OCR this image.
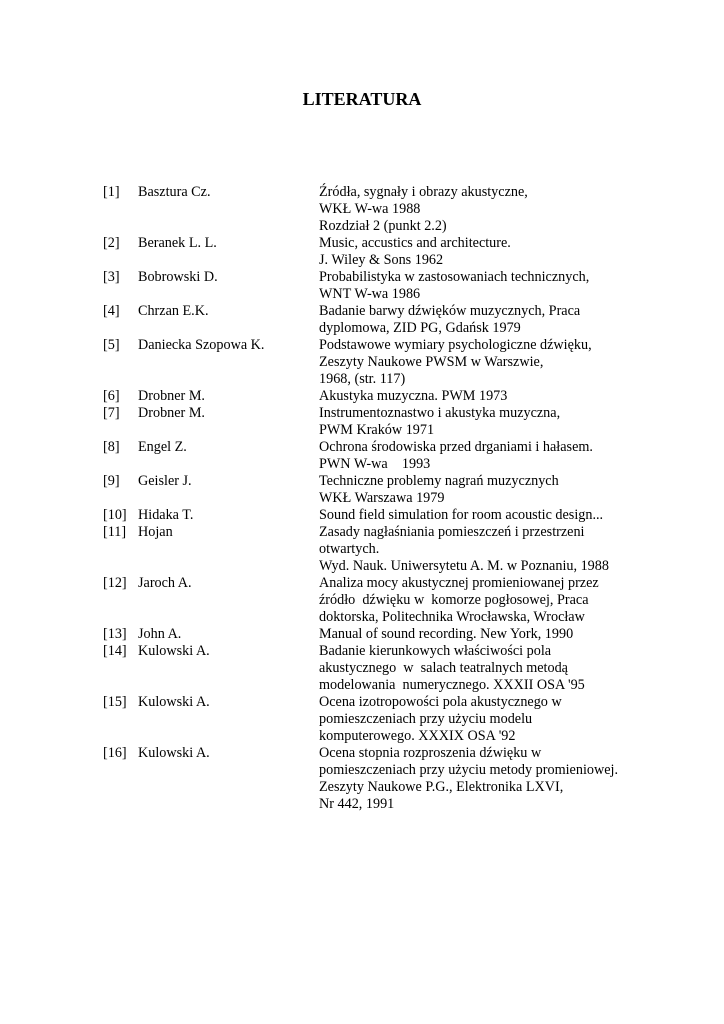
LITERATURA
[1] Basztura Cz.	Źródła, sygnały i obrazy akustyczne,
WKŁ W-wa 1988
Rozdział 2 (punkt 2.2)
[2] Beranek L. L.	Music, accustics and architecture.
J. Wiley & Sons 1962
[3] Bobrowski D.	Probabilistyka w zastosowaniach technicznych,
WNT W-wa 1986
[4] Chrzan E.K.	Badanie barwy dźwięków muzycznych, Praca
dyplomowa, ZID PG, Gdańsk 1979
[5] Daniecka Szopowa K.	Podstawowe wymiary psychologiczne dźwięku,
Zeszyty Naukowe PWSM w Warszwie,
1968, (str. 117)
[6] Drobner M.	Akustyka muzyczna. PWM 1973
[7] Drobner M.	Instrumentoznastwo i akustyka muzyczna,
PWM Kraków 1971
[8] Engel Z.	Ochrona środowiska przed drganiami i hałasem.
PWN W-wa    1993
[9] Geisler J.	Techniczne problemy nagrań muzycznych
WKŁ Warszawa 1979
[10] Hidaka T.	Sound field simulation for room acoustic design...
[11] Hojan	Zasady nagłaśniania pomieszczeń i przestrzeni
otwartych.
Wyd. Nauk. Uniwersytetu A. M. w Poznaniu, 1988
[12] Jaroch A.	Analiza mocy akustycznej promieniowanej przez
źródło  dźwięku w  komorze pogłosowej, Praca
doktorska, Politechnika Wrocławska, Wrocław
[13] John A.	Manual of sound recording. New York, 1990
[14] Kulowski A.	Badanie kierunkowych właściwości pola
akustycznego  w  salach teatralnych metodą
modelowania  numerycznego. XXXII OSA '95
[15] Kulowski A.	Ocena izotropowości pola akustycznego w
pomieszczeniach przy użyciu modelu
komputerowego. XXXIX OSA '92
[16] Kulowski A.	Ocena stopnia rozproszenia dźwięku w
pomieszczeniach przy użyciu metody promieniowej.
Zeszyty Naukowe P.G., Elektronika LXVI,
Nr 442, 1991
